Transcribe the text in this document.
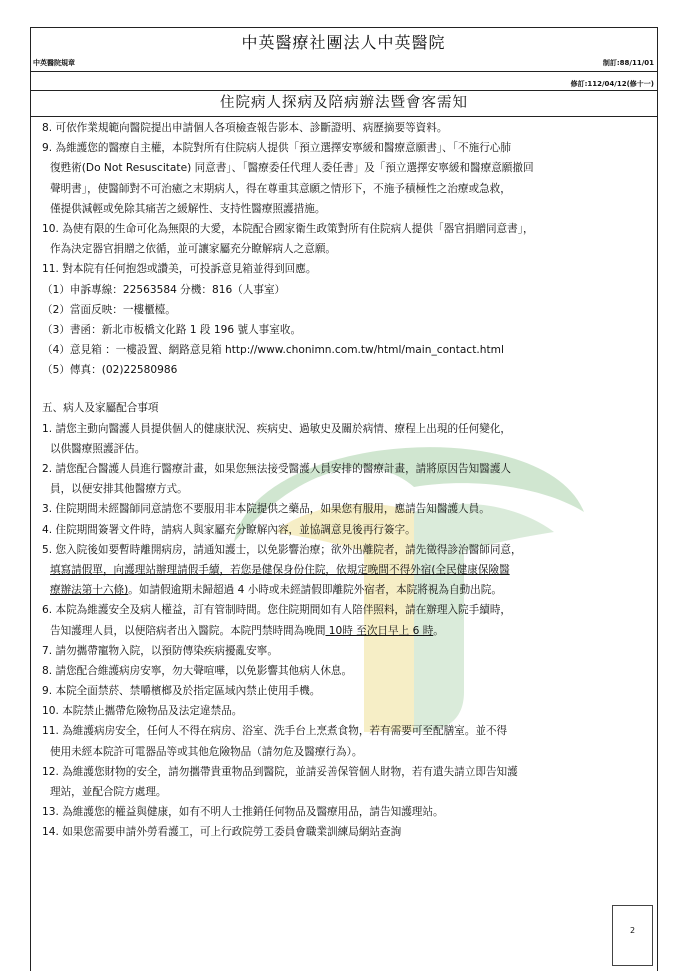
中英醫療社團法人中英醫院
中英醫院規章	制訂:88/11/01
修訂:112/04/12(修十一)
住院病人探病及陪病辦法暨會客需知
8. 可依作業規範向醫院提出申請個人各項檢查報告影本、診斷證明、病歷摘要等資料。
9. 為維護您的醫療自主權，本院對所有住院病人提供「預立選擇安寧緩和醫療意願書」、「不施行心肺
復甦術(Do Not Resuscitate) 同意書」、「醫療委任代理人委任書」及「預立選擇安寧緩和醫療意願撤回
聲明書」，使醫師對不可治癒之末期病人，得在尊重其意願之情形下，不施予積極性之治療或急救，
僅提供減輕或免除其痛苦之緩解性、支持性醫療照護措施。
10. 為使有限的生命可化為無限的大愛，本院配合國家衛生政策對所有住院病人提供「器官捐贈同意書」，
作為決定器官捐贈之依循，並可讓家屬充分瞭解病人之意願。
11. 對本院有任何抱怨或讚美，可投訴意見箱並得到回應。
（1）申訴專線：22563584 分機：816（人事室）
（2）當面反映：一樓櫃檯。
（3）書函：新北市板橋文化路 1 段 196 號人事室收。
（4）意見箱 ：一樓設置、網路意見箱 http://www.chonimn.com.tw/html/main_contact.html
（5）傳真：(02)22580986
五、病人及家屬配合事項
1. 請您主動向醫護人員提供個人的健康狀況、疾病史、過敏史及關於病情、療程上出現的任何變化，
以供醫療照護評估。
2. 請您配合醫護人員進行醫療計畫，如果您無法接受醫護人員安排的醫療計畫，請將原因告知醫護人
員，以便安排其他醫療方式。
3. 住院期間未經醫師同意請您不要服用非本院提供之藥品，如果您有服用，應請告知醫護人員。
4. 住院期間簽署文件時，請病人與家屬充分瞭解內容，並協調意見後再行簽字。
5. 您入院後如要暫時離開病房，請通知護士，以免影響治療；欲外出離院者，請先徵得診治醫師同意，
填寫請假單，向護理站辦理請假手續，若您是健保身份住院，依規定晚間不得外宿(全民健康保險醫
療辦法第十六條)。如請假逾期未歸超過 4 小時或未經請假即離院外宿者，本院將視為自動出院。
6. 本院為維護安全及病人權益，訂有管制時間。您住院期間如有人陪伴照料，請在辦理入院手續時，
告知護理人員，以便陪病者出入醫院。本院門禁時間為晚間 10時 至次日早上 6 時。
7. 請勿攜帶寵物入院，以預防傳染疾病擾亂安寧。
8. 請您配合維護病房安寧，勿大聲喧嘩，以免影響其他病人休息。
9. 本院全面禁菸、禁嚼檳榔及於指定區域內禁止使用手機。
10. 本院禁止攜帶危險物品及法定違禁品。
11. 為維護病房安全，任何人不得在病房、浴室、洗手台上烹煮食物，若有需要可至配膳室。並不得
使用未經本院許可電器品等或其他危險物品（請勿危及醫療行為）。
12. 為維護您財物的安全，請勿攜帶貴重物品到醫院，並請妥善保管個人財物，若有遺失請立即告知護
理站，並配合院方處理。
13. 為維護您的權益與健康，如有不明人士推銷任何物品及醫療用品，請告知護理站。
14. 如果您需要申請外勞看護工，可上行政院勞工委員會職業訓練局網站查詢
2
